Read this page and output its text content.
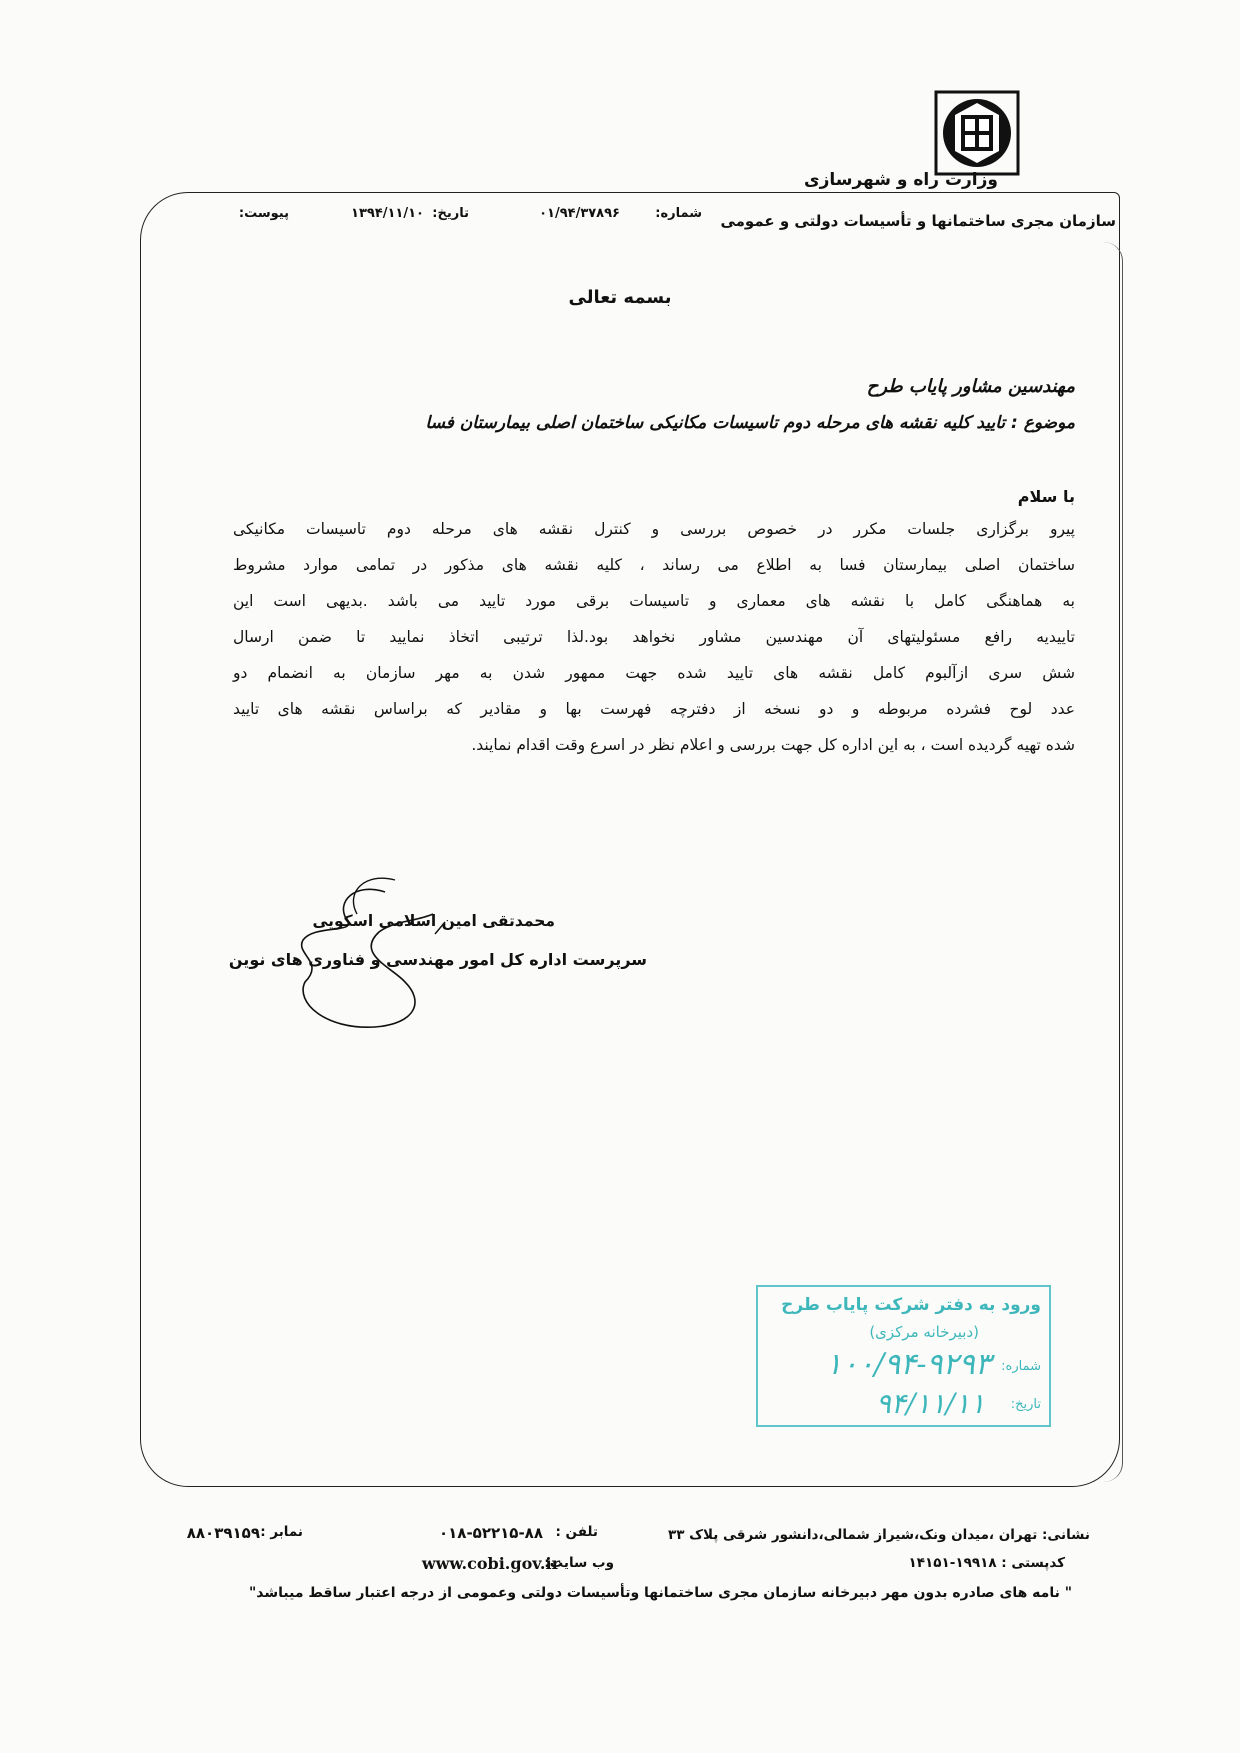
وزارت راه و شهرسازی
سازمان مجری ساختمانها و تأسیسات دولتی و عمومی
شماره:
۰۱/۹۴/۳۷۸۹۶
تاریخ:
۱۳۹۴/۱۱/۱۰
پیوست:
بسمه تعالی
مهندسین مشاور پایاب طرح
موضوع : تایید کلیه نقشه های مرحله دوم تاسیسات مکانیکی ساختمان اصلی بیمارستان فسا
با سلام
پیرو برگزاری جلسات مکرر در خصوص بررسی و کنترل نقشه های مرحله دوم تاسیسات مکانیکی
ساختمان اصلی بیمارستان فسا به اطلاع می رساند ، کلیه نقشه های مذکور در تمامی موارد مشروط
به هماهنگی کامل با نقشه های معماری و تاسیسات برقی مورد تایید می باشد .بدیهی است این
تاییدیه رافع مسئولیتهای آن مهندسین مشاور نخواهد بود.لذا ترتیبی اتخاذ نمایید تا ضمن ارسال
شش سری ازآلبوم کامل نقشه های تایید شده جهت ممهور شدن به مهر سازمان به انضمام دو
عدد لوح فشرده مربوطه و دو نسخه از دفترچه فهرست بها و مقادیر که براساس نقشه های تایید
شده تهیه گردیده است ، به این اداره کل جهت بررسی و اعلام نظر در اسرع وقت اقدام نمایند.
محمدتقی امین اسلامی اسکویی
سرپرست اداره کل امور مهندسی و فناوری های نوین
ورود به دفتر شرکت پایاب طرح
(دبیرخانه مرکزی)
شماره:
۱۰۰/۹۴-۹۲۹۳
تاریخ:
۹۴/۱۱/۱۱
نشانی: تهران ،میدان ونک،شیراز شمالی،دانشور شرقی پلاک ۳۳
تلفن :
۰۱۸-۵۲۲۱۵-۸۸
نمابر :
۸۸۰۳۹۱۵۹
کدپستی : ۱۹۹۱۸-۱۴۱۵۱
وب سایت:
www.cobi.gov.ir
" نامه های صادره بدون مهر دبیرخانه سازمان مجری ساختمانها وتأسیسات دولتی وعمومی از درجه اعتبار ساقط میباشد"
